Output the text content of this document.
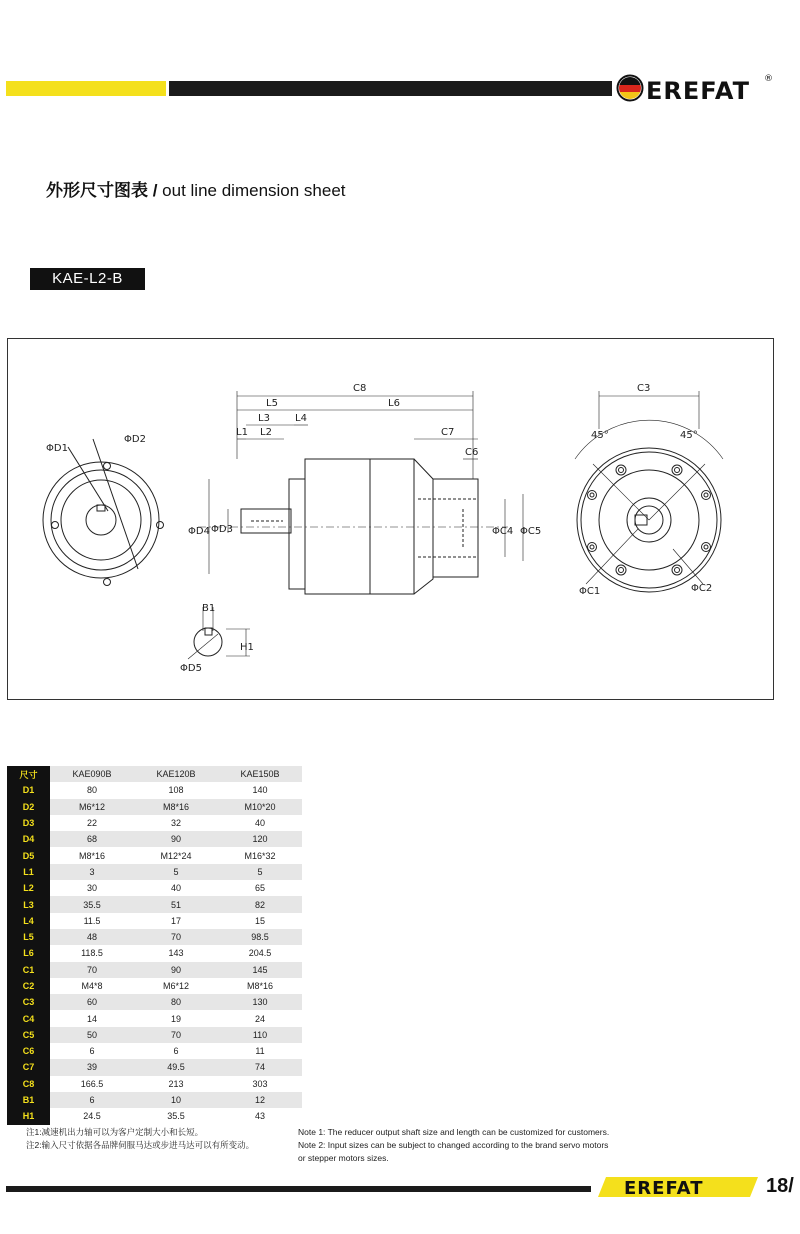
EREFAT ®
外形尺寸图表 / out line dimension sheet
KAE-L2-B
ΦD1
ΦD2
C8
L5	L6
L3	L4
L1 L2	C7
C6
ΦD4 ΦD3	ΦC4 ΦC5
B1
H1
ΦD5
C3
45°	45°
ΦC1	ΦC2
尺寸	KAE090B	KAE120B	KAE150B
D1	80	108	140
D2	M6*12	M8*16	M10*20
D3	22	32	40
D4	68	90	120
D5	M8*16	M12*24	M16*32
L1	3	5	5
L2	30	40	65
L3	35.5	51	82
L4	11.5	17	15
L5	48	70	98.5
L6	118.5	143	204.5
C1	70	90	145
C2	M4*8	M6*12	M8*16
C3	60	80	130
C4	14	19	24
C5	50	70	110
C6	6	6	11
C7	39	49.5	74
C8	166.5	213	303
B1	6	10	12
H1	24.5	35.5	43
注1:减速机出力轴可以为客户定制大小和长短。
注2:输入尺寸依据各品牌伺服马达或步进马达可以有所变动。
Note 1: The reducer output shaft size and length can be customized for customers.
Note 2: Input sizes can be subject to changed according to the brand servo motors
or stepper motors sizes.
EREFAT	18/
